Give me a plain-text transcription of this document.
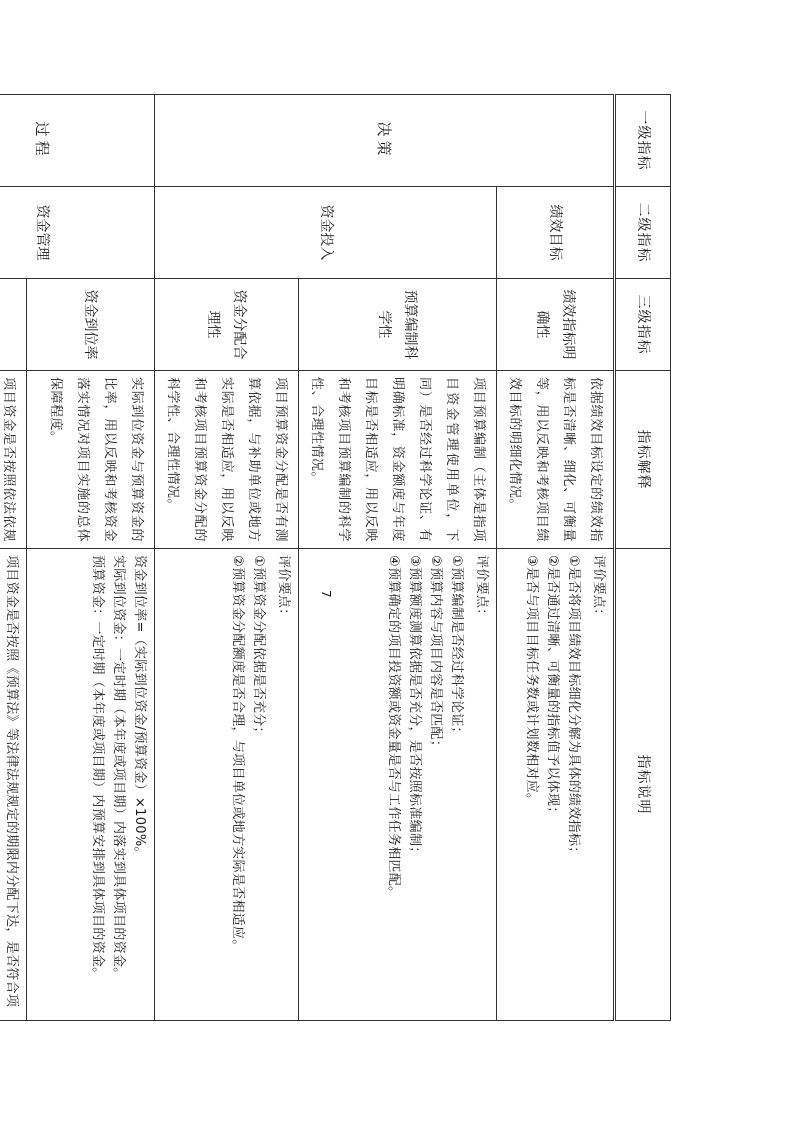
一级指标	二级指标	三级指标	指标解释	指标说明
决策	绩效目标	绩效指标明确性	依据绩效目标设定的绩效指标是否清晰、细化、可衡量等，用以反映和考核项目绩效目标的明细化情况。	评价要点：

①是否将项目绩效目标细化分解为具体的绩效指标；

②是否通过清晰、可衡量的指标值予以体现；

③是否与项目目标任务数或计划数相对应。

	资金投入	预算编制科学性	项目预算编制（主体是指项目资金管理使用单位，下同）是否经过科学论证、有明确标准，资金额度与年度目标是否相适应，用以反映和考核项目预算编制的科学性、合理性情况。	评价要点：

①预算编制是否经过科学论证；

②预算内容与项目内容是否匹配；

③预算额度测算依据是否充分，是否按照标准编制；

④预算确定的项目投资额或资金量是否与工作任务相匹配。

		资金分配合理性	项目预算资金分配是否有测算依据，与补助单位或地方实际是否相适应，用以反映和考核项目预算资金分配的科学性、合理性情况。	评价要点：

①预算资金分配依据是否充分；

②预算资金分配额度是否合理，与项目单位或地方实际是否相适应。

过程	资金管理	资金到位率	实际到位资金与预算资金的比率，用以反映和考核资金落实情况对项目实施的总体保障程度。	资金到位率=（实际到位资金/预算资金）×100%。

实际到位资金：一定时期（本年度或项目期）内落实到具体项目的资金。

预算资金：一定时期（本年度或项目期）内预算安排到具体项目的资金。

	项目资金是否按照依法依规	项目资金是否按照《预算法》等法律法规规定的期限内分配下达，是否符合项

7
